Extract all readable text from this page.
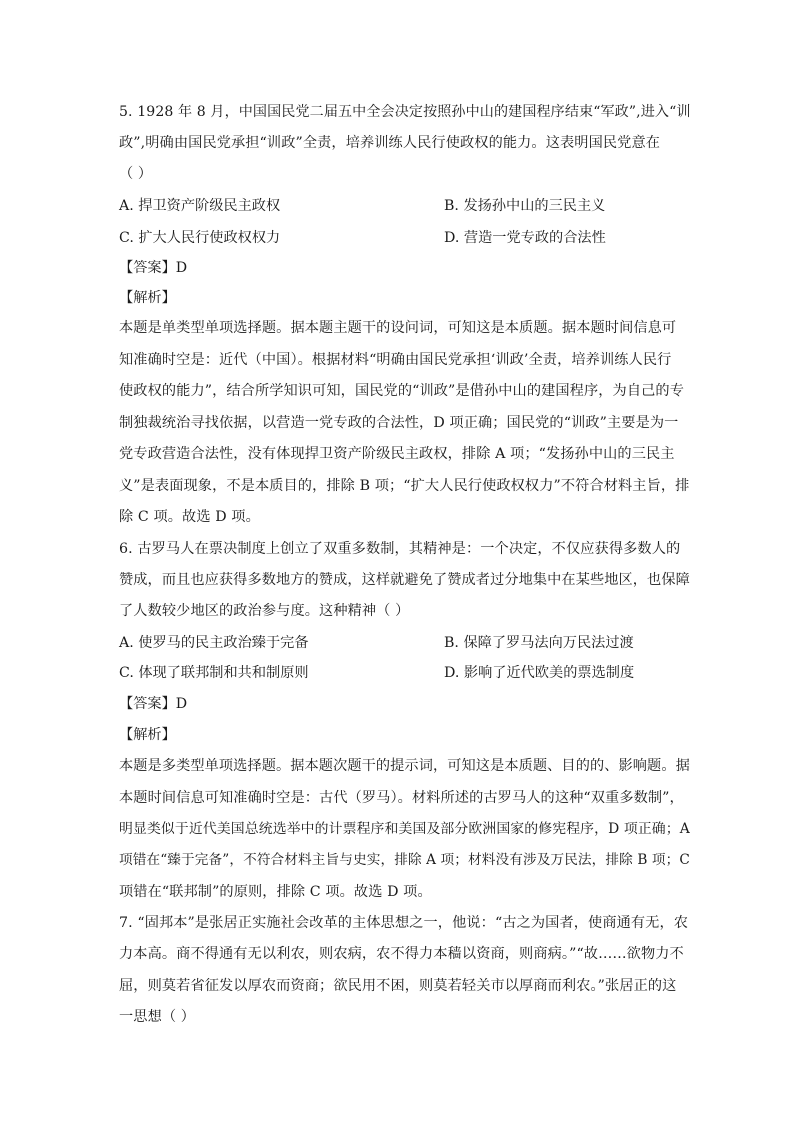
5. 1928 年 8 月，中国国民党二届五中全会决定按照孙中山的建国程序结束“军政”,进入“训
政”,明确由国民党承担“训政”全责，培养训练人民行使政权的能力。这表明国民党意在
（ ）
A. 捍卫资产阶级民主政权	B. 发扬孙中山的三民主义
C. 扩大人民行使政权权力	D. 营造一党专政的合法性
【答案】D
【解析】
本题是单类型单项选择题。据本题主题干的设问词，可知这是本质题。据本题时间信息可
知准确时空是：近代（中国）。根据材料“明确由国民党承担‘训政’全责，培养训练人民行
使政权的能力”，结合所学知识可知，国民党的“训政”是借孙中山的建国程序，为自己的专
制独裁统治寻找依据，以营造一党专政的合法性，D 项正确；国民党的“训政”主要是为一
党专政营造合法性，没有体现捍卫资产阶级民主政权，排除 A 项；“发扬孙中山的三民主
义”是表面现象，不是本质目的，排除 B 项；“扩大人民行使政权权力”不符合材料主旨，排
除 C 项。故选 D 项。
6. 古罗马人在票决制度上创立了双重多数制，其精神是：一个决定，不仅应获得多数人的
赞成，而且也应获得多数地方的赞成，这样就避免了赞成者过分地集中在某些地区，也保障
了人数较少地区的政治参与度。这种精神（ ）
A. 使罗马的民主政治臻于完备	B. 保障了罗马法向万民法过渡
C. 体现了联邦制和共和制原则	D. 影响了近代欧美的票选制度
【答案】D
【解析】
本题是多类型单项选择题。据本题次题干的提示词，可知这是本质题、目的的、影响题。据
本题时间信息可知准确时空是：古代（罗马）。材料所述的古罗马人的这种“双重多数制”，
明显类似于近代美国总统选举中的计票程序和美国及部分欧洲国家的修宪程序，D 项正确；A
项错在“臻于完备”，不符合材料主旨与史实，排除 A 项；材料没有涉及万民法，排除 B 项；C
项错在“联邦制”的原则，排除 C 项。故选 D 项。
7. “固邦本”是张居正实施社会改革的主体思想之一，他说：“古之为国者，使商通有无，农
力本高。商不得通有无以利农，则农病，农不得力本穑以资商，则商病。”“故……欲物力不
屈，则莫若省征发以厚农而资商；欲民用不困，则莫若轻关市以厚商而利农。”张居正的这
一思想（ ）
